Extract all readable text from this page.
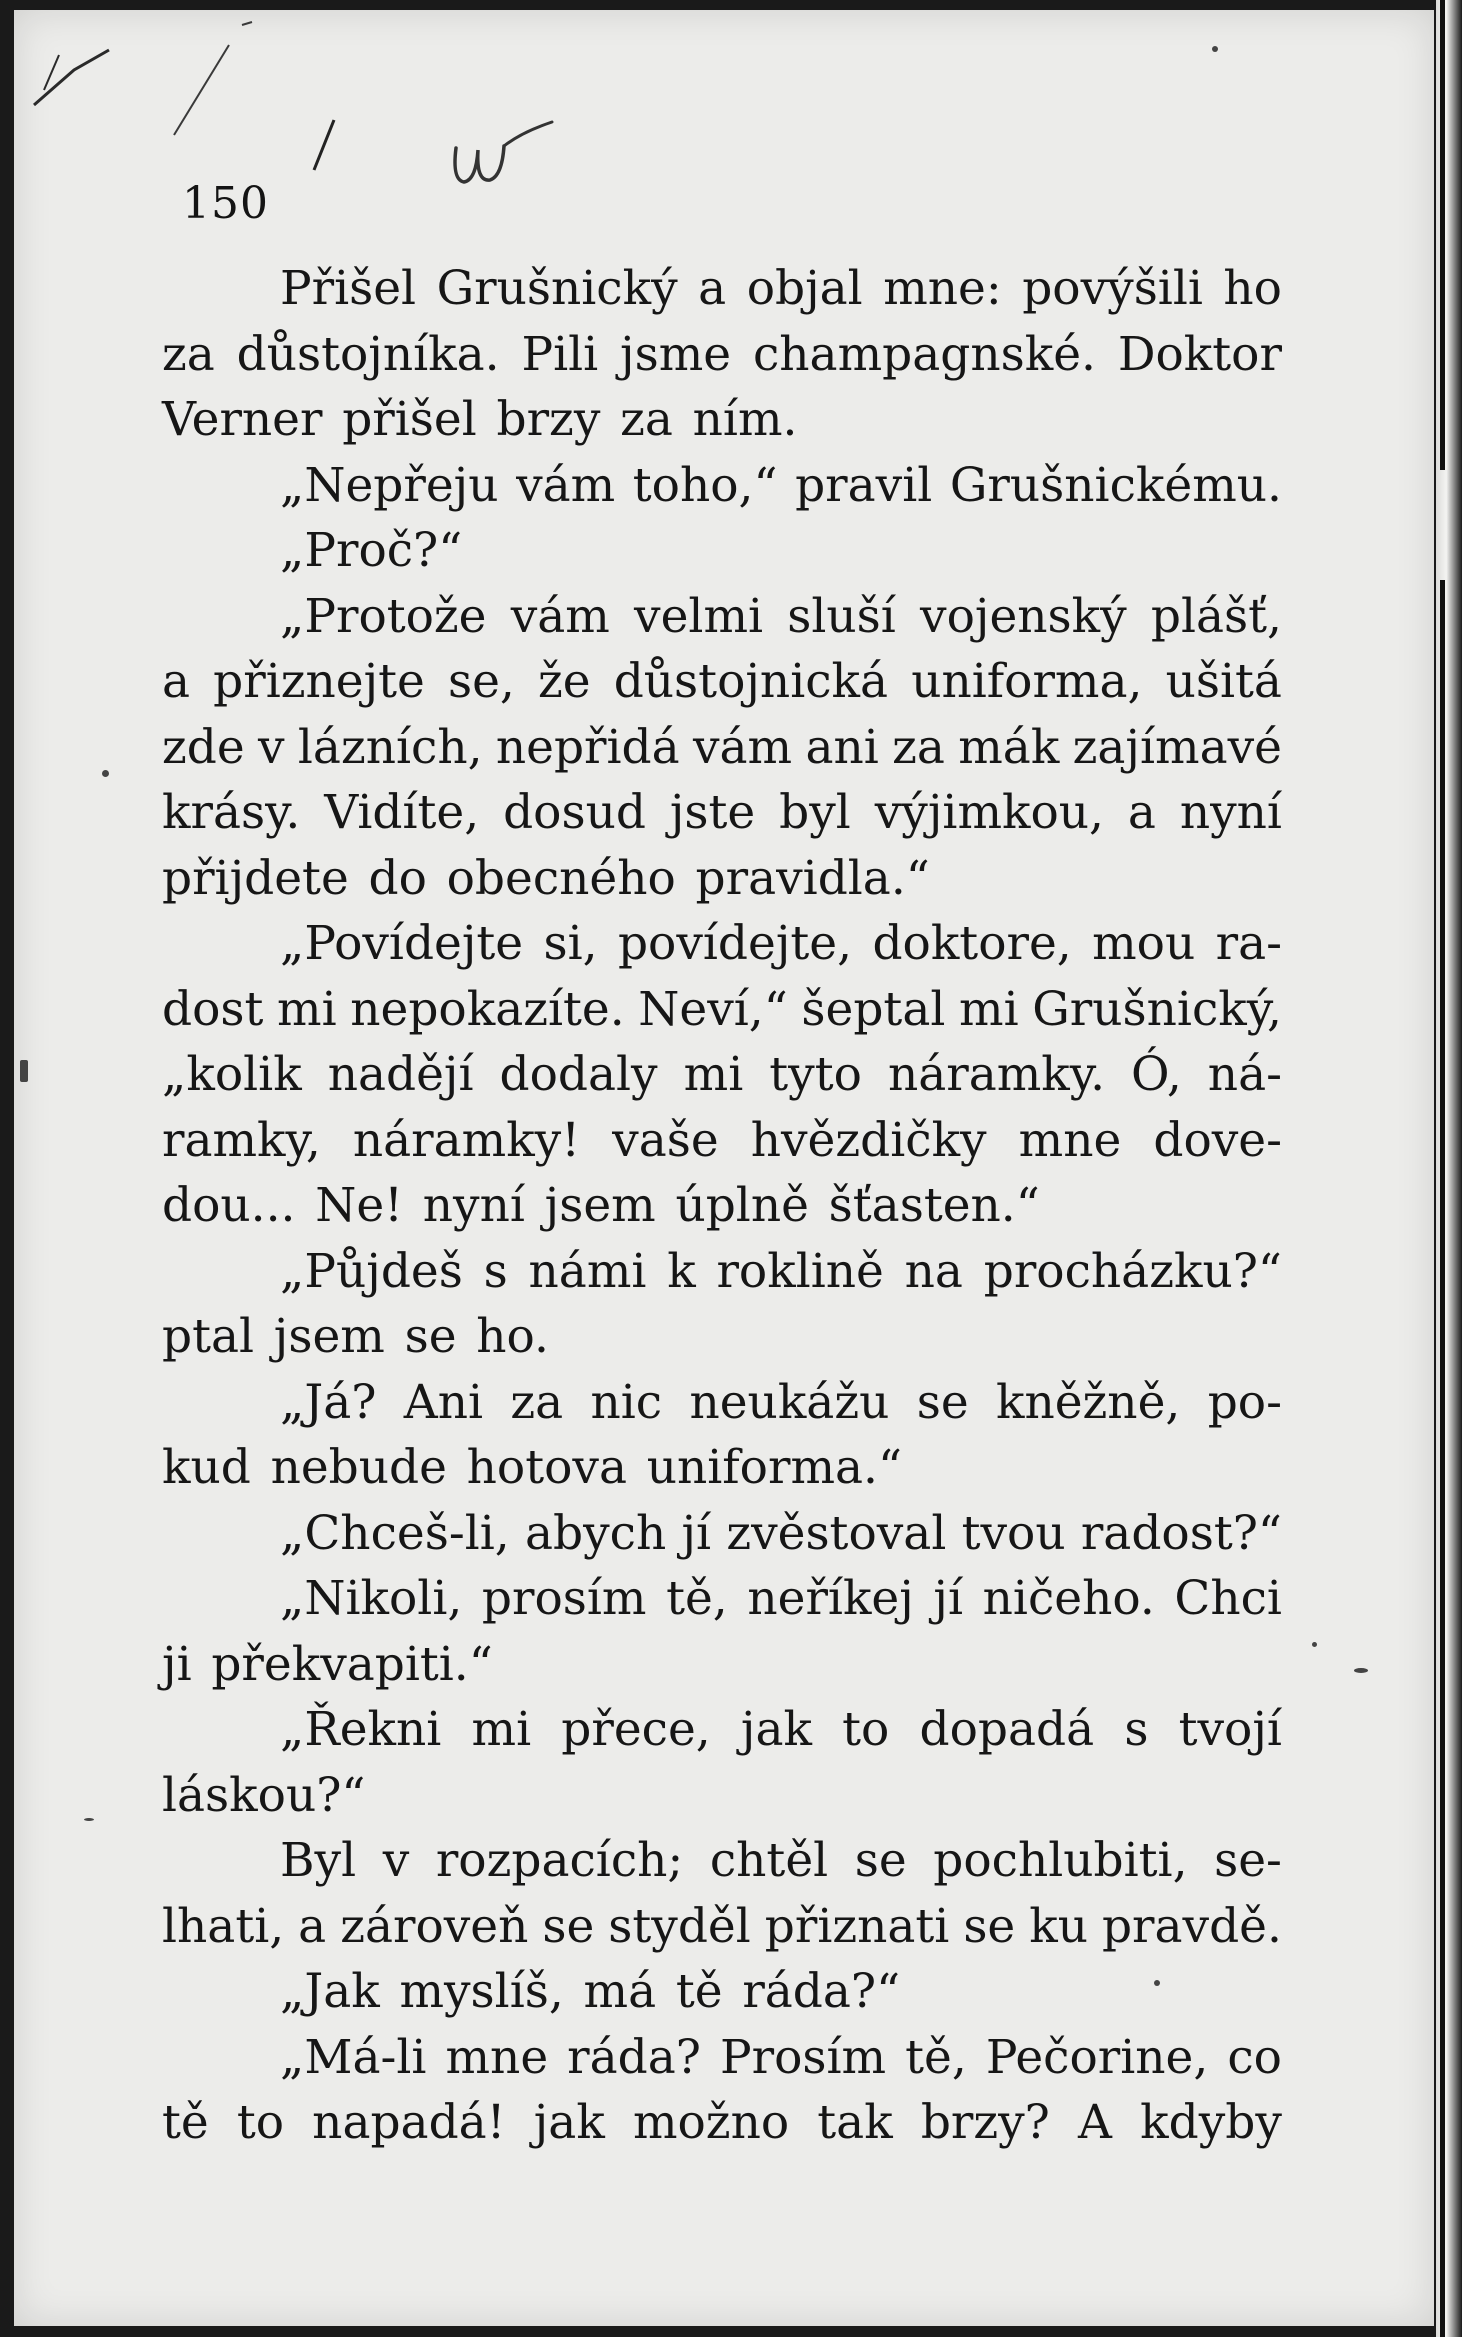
150
Přišel Grušnický a objal mne: povýšili ho
za důstojníka. Pili jsme champagnské. Doktor
Verner přišel brzy za ním.
„Nepřeju vám toho,“ pravil Grušnickému.
„Proč?“
„Protože vám velmi sluší vojenský plášť,
a přiznejte se, že důstojnická uniforma, ušitá
zde v lázních, nepřidá vám ani za mák zajímavé
krásy. Vidíte, dosud jste byl výjimkou, a nyní
přijdete do obecného pravidla.“
„Povídejte si, povídejte, doktore, mou ra-
dost mi nepokazíte. Neví,“ šeptal mi Grušnický,
„kolik nadějí dodaly mi tyto náramky. Ó, ná-
ramky, náramky! vaše hvězdičky mne dove-
dou... Ne! nyní jsem úplně šťasten.“
„Půjdeš s námi k roklině na procházku?“
ptal jsem se ho.
„Já? Ani za nic neukážu se kněžně, po-
kud nebude hotova uniforma.“
„Chceš-li, abych jí zvěstoval tvou radost?“
„Nikoli, prosím tě, neříkej jí ničeho. Chci
ji překvapiti.“
„Řekni mi přece, jak to dopadá s tvojí
láskou?“
Byl v rozpacích; chtěl se pochlubiti, se-
lhati, a zároveň se styděl přiznati se ku pravdě.
„Jak myslíš, má tě ráda?“
„Má-li mne ráda? Prosím tě, Pečorine, co
tě to napadá! jak možno tak brzy? A kdyby
